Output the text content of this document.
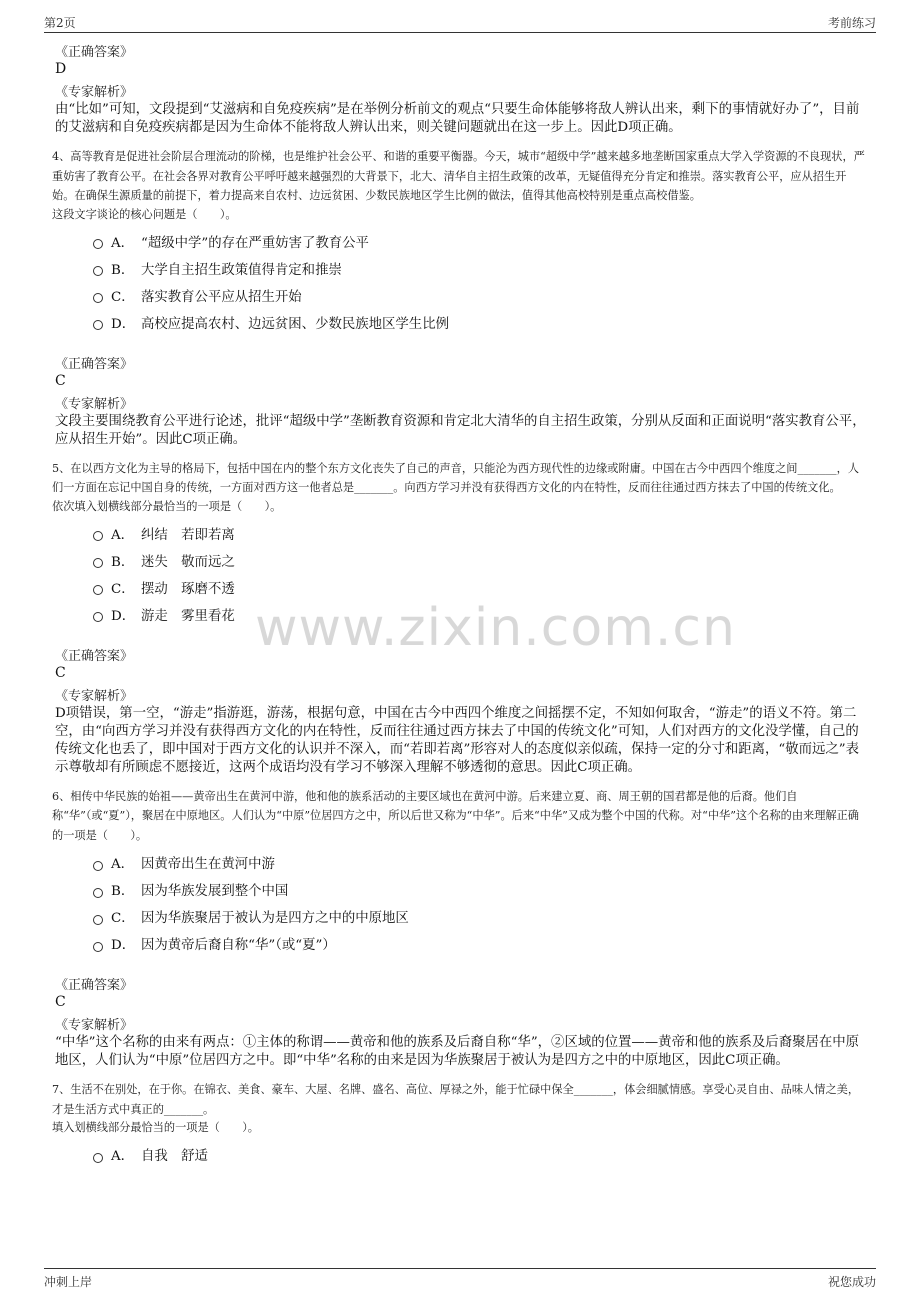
第2页	考前练习
www.zixin.com.cn
《正确答案》
D
《专家解析》
由“比如”可知，文段提到“艾滋病和自免疫疾病”是在举例分析前文的观点“只要生命体能够将敌人辨认出来，剩下的事情就好办了”，目前的艾滋病和自免疫疾病都是因为生命体不能将敌人辨认出来，则关键问题就出在这一步上。因此D项正确。
4、高等教育是促进社会阶层合理流动的阶梯，也是维护社会公平、和谐的重要平衡器。今天，城市“超级中学”越来越多地垄断国家重点大学入学资源的不良现状，严重妨害了教育公平。在社会各界对教育公平呼吁越来越强烈的大背景下，北大、清华自主招生政策的改革，无疑值得充分肯定和推崇。落实教育公平，应从招生开始。在确保生源质量的前提下，着力提高来自农村、边远贫困、少数民族地区学生比例的做法，值得其他高校特别是重点高校借鉴。
这段文字谈论的核心问题是（　　）。
A． “超级中学”的存在严重妨害了教育公平
B． 大学自主招生政策值得肯定和推崇
C． 落实教育公平应从招生开始
D． 高校应提高农村、边远贫困、少数民族地区学生比例
《正确答案》
C
《专家解析》
文段主要围绕教育公平进行论述，批评“超级中学”垄断教育资源和肯定北大清华的自主招生政策，分别从反面和正面说明“落实教育公平，应从招生开始”。因此C项正确。
5、在以西方文化为主导的格局下，包括中国在内的整个东方文化丧失了自己的声音，只能沦为西方现代性的边缘或附庸。中国在古今中西四个维度之间_______，人们一方面在忘记中国自身的传统，一方面对西方这一他者总是_______。向西方学习并没有获得西方文化的内在特性，反而往往通过西方抹去了中国的传统文化。
依次填入划横线部分最恰当的一项是（　　）。
A． 纠结　若即若离
B． 迷失　敬而远之
C． 摆动　琢磨不透
D． 游走　雾里看花
《正确答案》
C
《专家解析》
D项错误，第一空，“游走”指游逛，游荡，根据句意，中国在古今中西四个维度之间摇摆不定，不知如何取舍，“游走”的语义不符。第二空，由“向西方学习并没有获得西方文化的内在特性，反而往往通过西方抹去了中国的传统文化”可知，人们对西方的文化没学懂，自己的传统文化也丢了，即中国对于西方文化的认识并不深入，而“若即若离”形容对人的态度似亲似疏，保持一定的分寸和距离，“敬而远之”表示尊敬却有所顾虑不愿接近，这两个成语均没有学习不够深入理解不够透彻的意思。因此C项正确。
6、相传中华民族的始祖——黄帝出生在黄河中游，他和他的族系活动的主要区域也在黄河中游。后来建立夏、商、周王朝的国君都是他的后裔。他们自称“华”（或“夏”），聚居在中原地区。人们认为“中原”位居四方之中，所以后世又称为“中华”。后来“中华”又成为整个中国的代称。对“中华”这个名称的由来理解正确的一项是（　　）。
A． 因黄帝出生在黄河中游
B． 因为华族发展到整个中国
C． 因为华族聚居于被认为是四方之中的中原地区
D． 因为黄帝后裔自称“华”（或“夏”）
《正确答案》
C
《专家解析》
“中华”这个名称的由来有两点：①主体的称谓——黄帝和他的族系及后裔自称“华”，②区域的位置——黄帝和他的族系及后裔聚居在中原地区，人们认为“中原”位居四方之中。即“中华”名称的由来是因为华族聚居于被认为是四方之中的中原地区，因此C项正确。
7、生活不在别处，在于你。在锦衣、美食、豪车、大屋、名牌、盛名、高位、厚禄之外，能于忙碌中保全_______，体会细腻情感。享受心灵自由、品味人情之美，才是生活方式中真正的_______。
填入划横线部分最恰当的一项是（　　）。
A． 自我　舒适
冲刺上岸	祝您成功
